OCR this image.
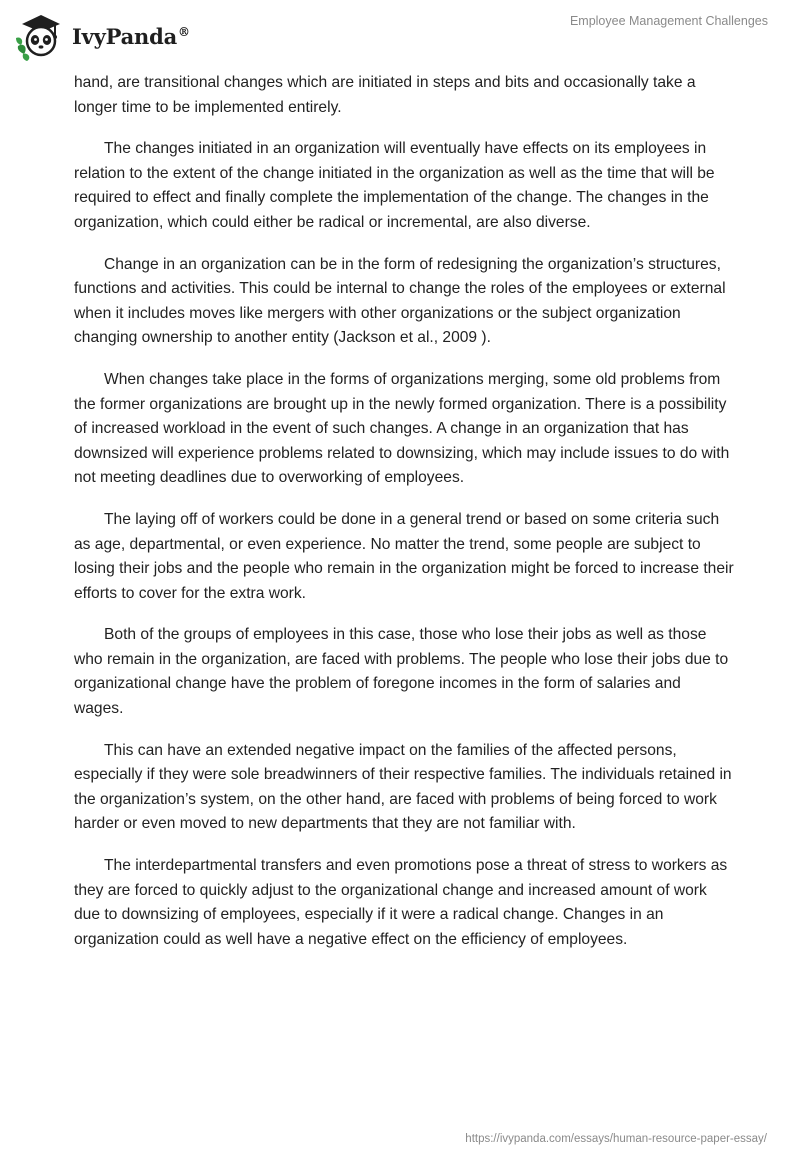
IvyPanda®
Employee Management Challenges

hand, are transitional changes which are initiated in steps and bits and occasionally take a longer time to be implemented entirely.

The changes initiated in an organization will eventually have effects on its employees in relation to the extent of the change initiated in the organization as well as the time that will be required to effect and finally complete the implementation of the change. The changes in the organization, which could either be radical or incremental, are also diverse.

Change in an organization can be in the form of redesigning the organization’s structures, functions and activities. This could be internal to change the roles of the employees or external when it includes moves like mergers with other organizations or the subject organization changing ownership to another entity (Jackson et al., 2009 ).

When changes take place in the forms of organizations merging, some old problems from the former organizations are brought up in the newly formed organization. There is a possibility of increased workload in the event of such changes. A change in an organization that has downsized will experience problems related to downsizing, which may include issues to do with not meeting deadlines due to overworking of employees.

The laying off of workers could be done in a general trend or based on some criteria such as age, departmental, or even experience. No matter the trend, some people are subject to losing their jobs and the people who remain in the organization might be forced to increase their efforts to cover for the extra work.

Both of the groups of employees in this case, those who lose their jobs as well as those who remain in the organization, are faced with problems. The people who lose their jobs due to organizational change have the problem of foregone incomes in the form of salaries and wages.

This can have an extended negative impact on the families of the affected persons, especially if they were sole breadwinners of their respective families. The individuals retained in the organization’s system, on the other hand, are faced with problems of being forced to work harder or even moved to new departments that they are not familiar with.

The interdepartmental transfers and even promotions pose a threat of stress to workers as they are forced to quickly adjust to the organizational change and increased amount of work due to downsizing of employees, especially if it were a radical change. Changes in an organization could as well have a negative effect on the efficiency of employees.

https://ivypanda.com/essays/human-resource-paper-essay/
